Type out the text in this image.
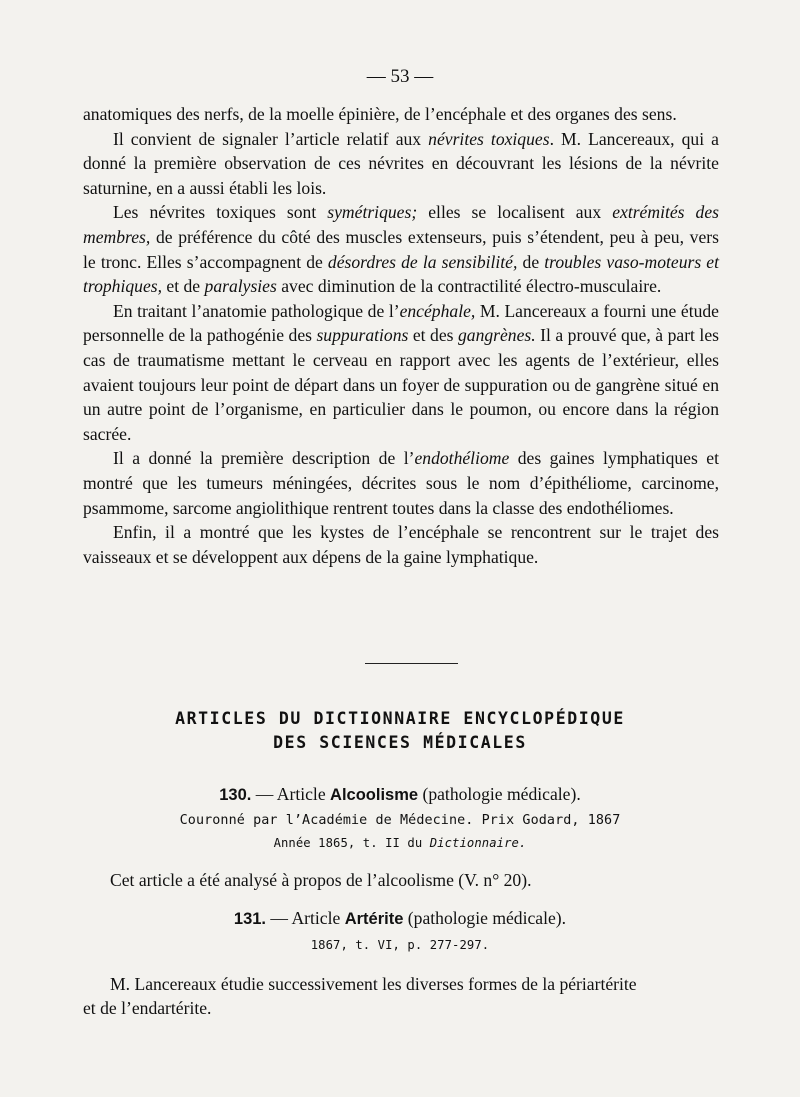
— 53 —

anatomiques des nerfs, de la moelle épinière, de l’encéphale et des organes des sens.

Il convient de signaler l’article relatif aux névrites toxiques. M. Lancereaux, qui a donné la première observation de ces névrites en découvrant les lésions de la névrite saturnine, en a aussi établi les lois.

Les névrites toxiques sont symétriques; elles se localisent aux extrémités des membres, de préférence du côté des muscles extenseurs, puis s’étendent, peu à peu, vers le tronc. Elles s’accompagnent de désordres de la sensibilité, de troubles vaso-moteurs et trophiques, et de paralysies avec diminution de la contractilité électro-musculaire.

En traitant l’anatomie pathologique de l’encéphale, M. Lancereaux a fourni une étude personnelle de la pathogénie des suppurations et des gangrènes. Il a prouvé que, à part les cas de traumatisme mettant le cerveau en rapport avec les agents de l’extérieur, elles avaient toujours leur point de départ dans un foyer de suppuration ou de gangrène situé en un autre point de l’organisme, en particulier dans le poumon, ou encore dans la région sacrée.

Il a donné la première description de l’endothéliome des gaines lymphatiques et montré que les tumeurs méningées, décrites sous le nom d’épithéliome, carcinome, psammome, sarcome angiolithique rentrent toutes dans la classe des endothéliomes.

Enfin, il a montré que les kystes de l’encéphale se rencontrent sur le trajet des vaisseaux et se développent aux dépens de la gaine lymphatique.

ARTICLES DU DICTIONNAIRE ENCYCLOPÉDIQUE
DES SCIENCES MÉDICALES
130. — Article Alcoolisme (pathologie médicale).
Couronné par l’Académie de Médecine. Prix Godard, 1867
Année 1865, t. II du Dictionnaire.
Cet article a été analysé à propos de l’alcoolisme (V. n° 20).
131. — Article Artérite (pathologie médicale).
1867, t. VI, p. 277-297.
M. Lancereaux étudie successivement les diverses formes de la périartérite
et de l’endartérite.
